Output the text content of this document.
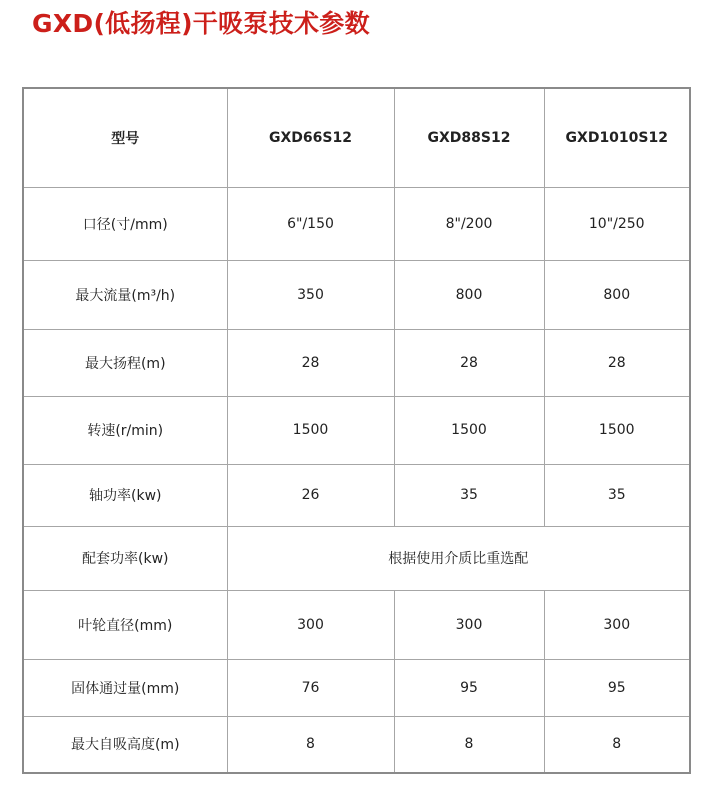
GXD(低扬程)干吸泵技术参数
型号	GXD66S12	GXD88S12	GXD1010S12
口径(寸/mm)	6"/150	8"/200	10"/250
最大流量(m³/h)	350	800	800
最大扬程(m)	28	28	28
转速(r/min)	1500	1500	1500
轴功率(kw)	26	35	35
配套功率(kw)	根据使用介质比重选配		
叶轮直径(mm)	300	300	300
固体通过量(mm)	76	95	95
最大自吸高度(m)	8	8	8
